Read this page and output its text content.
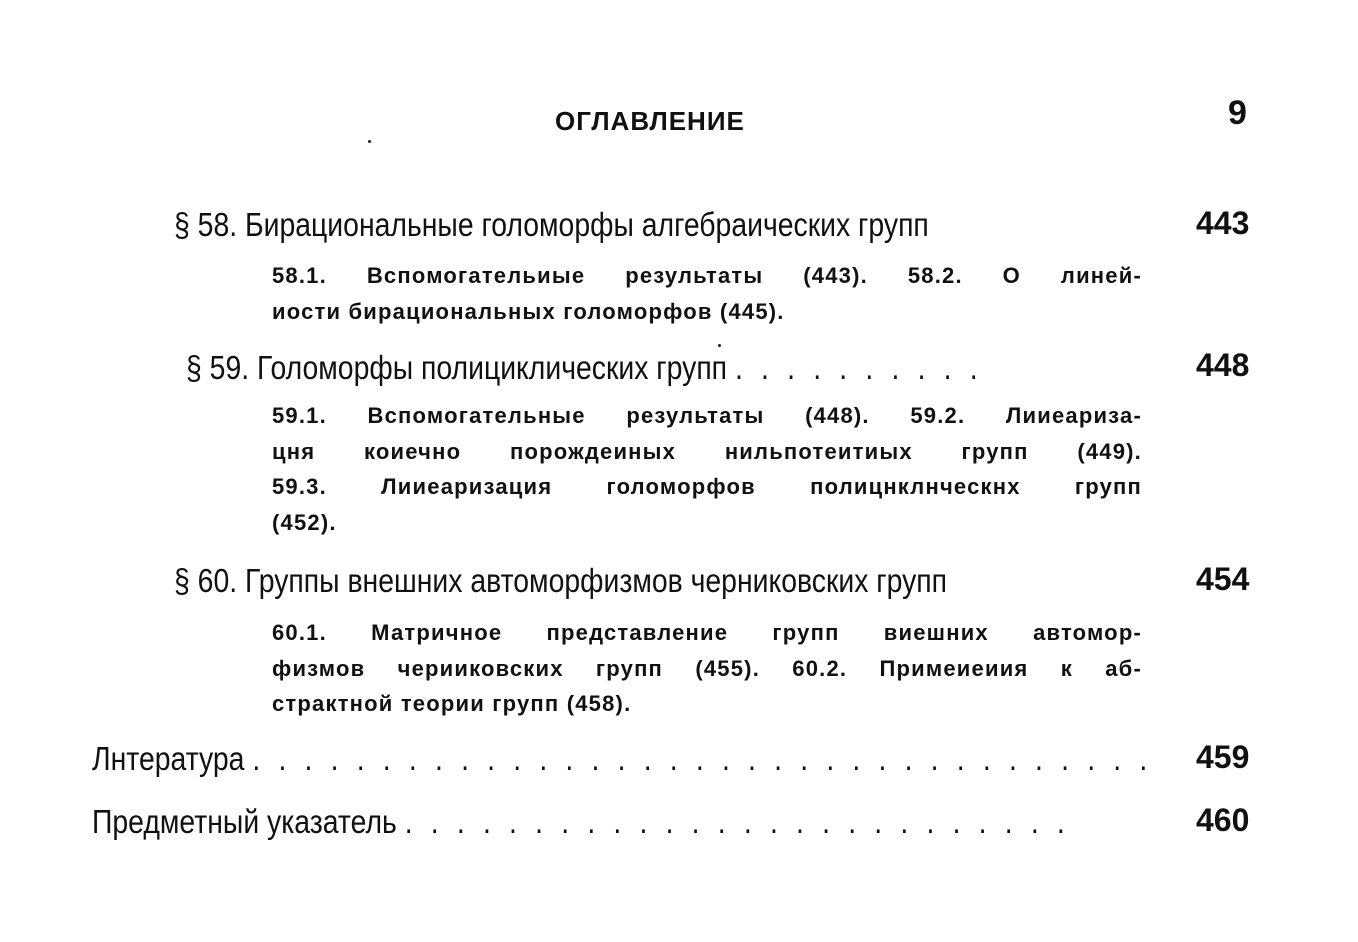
ОГЛАВЛЕНИЕ	9
§ 58. Бирациональные голоморфы алгебраических групп	443
58.1. Вспомогательиые результаты (443). 58.2. О линей-
иости бирациональных голоморфов (445).
§ 59. Голоморфы полициклических групп . . . . . . . . . .	448
59.1. Вспомогательные результаты (448). 59.2. Лииеариза-
цня коиечно порождеиных нильпотеитиых групп (449).
59.3. Лииеаризация голоморфов полицнклнческнх групп
(452).
§ 60. Группы внешних автоморфизмов черниковских групп	454
60.1. Матричное представление групп виешних автомор-
физмов черииковских групп (455). 60.2. Примеиеиия к аб-
страктной теории групп (458).
Лнтература . . . . . . . . . . . . . . . . . . . . . . . . . . . . . . . . . . . 459
Предметный указатель . . . . . . . . . . . . . . . . . . . . . . . . . .	460
